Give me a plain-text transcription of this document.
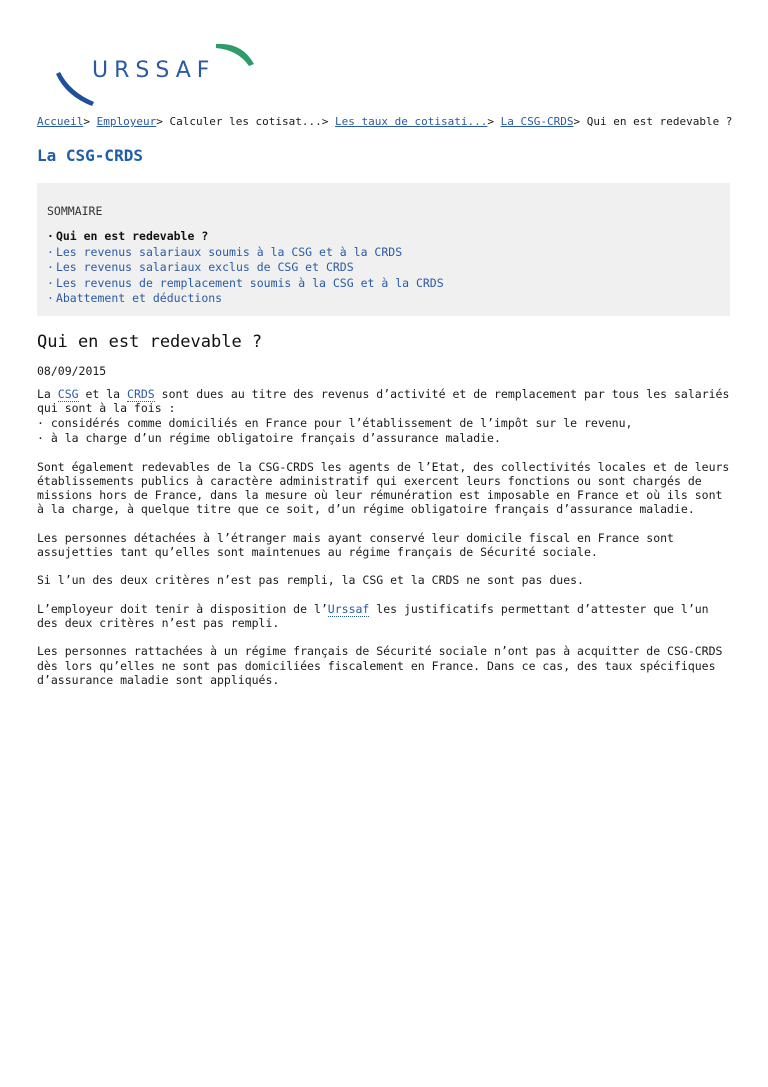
URSSAF
Accueil> Employeur> Calculer les cotisat...> Les taux de cotisati...> La CSG-CRDS> Qui en est redevable ?
La CSG-CRDS
SOMMAIRE
· Qui en est redevable ?
· Les revenus salariaux soumis à la CSG et à la CRDS
· Les revenus salariaux exclus de CSG et CRDS
· Les revenus de remplacement soumis à la CSG et à la CRDS
· Abattement et déductions
Qui en est redevable ?
08/09/2015

La CSG et la CRDS sont dues au titre des revenus d’activité et de remplacement par tous les salariés qui sont à la fois :

· considérés comme domiciliés en France pour l’établissement de l’impôt sur le revenu,
· à la charge d’un régime obligatoire français d’assurance maladie.

Sont également redevables de la CSG-CRDS les agents de l’Etat, des collectivités locales et de leurs établissements publics à caractère administratif qui exercent leurs fonctions ou sont chargés de missions hors de France, dans la mesure où leur rémunération est imposable en France et où ils sont à la charge, à quelque titre que ce soit, d’un régime obligatoire français d’assurance maladie.

Les personnes détachées à l’étranger mais ayant conservé leur domicile fiscal en France sont assujetties tant qu’elles sont maintenues au régime français de Sécurité sociale.

Si l’un des deux critères n’est pas rempli, la CSG et la CRDS ne sont pas dues.

L’employeur doit tenir à disposition de l’Urssaf les justificatifs permettant d’attester que l’un des deux critères n’est pas rempli.

Les personnes rattachées à un régime français de Sécurité sociale n’ont pas à acquitter de CSG-CRDS dès lors qu’elles ne sont pas domiciliées fiscalement en France. Dans ce cas, des taux spécifiques d’assurance maladie sont appliqués.
